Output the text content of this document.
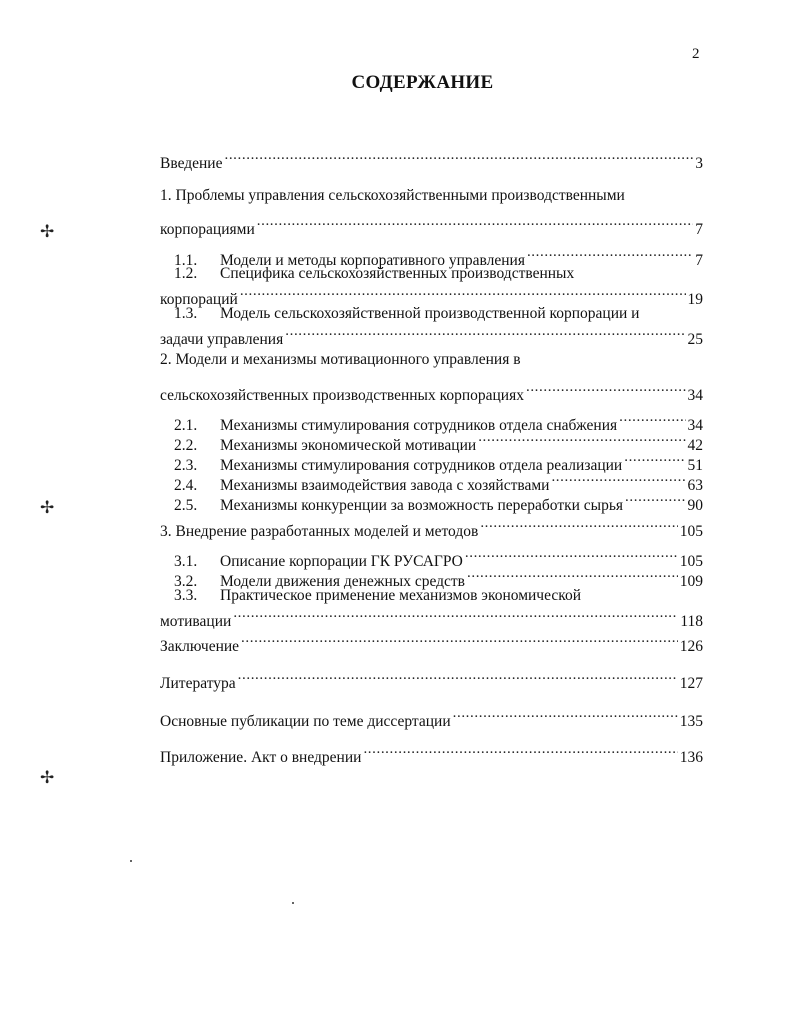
2
СОДЕРЖАНИЕ
Введение .....	3
1. Проблемы управления сельскохозяйственными производственными
корпорациями .....	7
1.1.	Модели и методы корпоративного управления .....	7
1.2. Специфика сельскохозяйственных производственных
корпораций .....	19
1.3. Модель сельскохозяйственной производственной корпорации и
задачи управления .....	25
2. Модели и механизмы мотивационного управления в
сельскохозяйственных производственных корпорациях .....	34
2.1.	Механизмы стимулирования сотрудников отдела снабжения .....	34
2.2.	Механизмы экономической мотивации .....	42
2.3.	Механизмы стимулирования сотрудников отдела реализации .....	51
2.4.	Механизмы взаимодействия завода с хозяйствами .....	63
2.5.	Механизмы конкуренции за возможность переработки сырья .....	90
3. Внедрение разработанных моделей и методов .....	105
3.1.	Описание корпорации ГК РУСАГРО .....	105
3.2.	Модели движения денежных средств .....	109
3.3. Практическое применение механизмов экономической
мотивации .....	118
Заключение .....	126
Литература .....	127
Основные публикации по теме диссертации .....	135
Приложение. Акт о внедрении .....	136
✢
✢
✢
